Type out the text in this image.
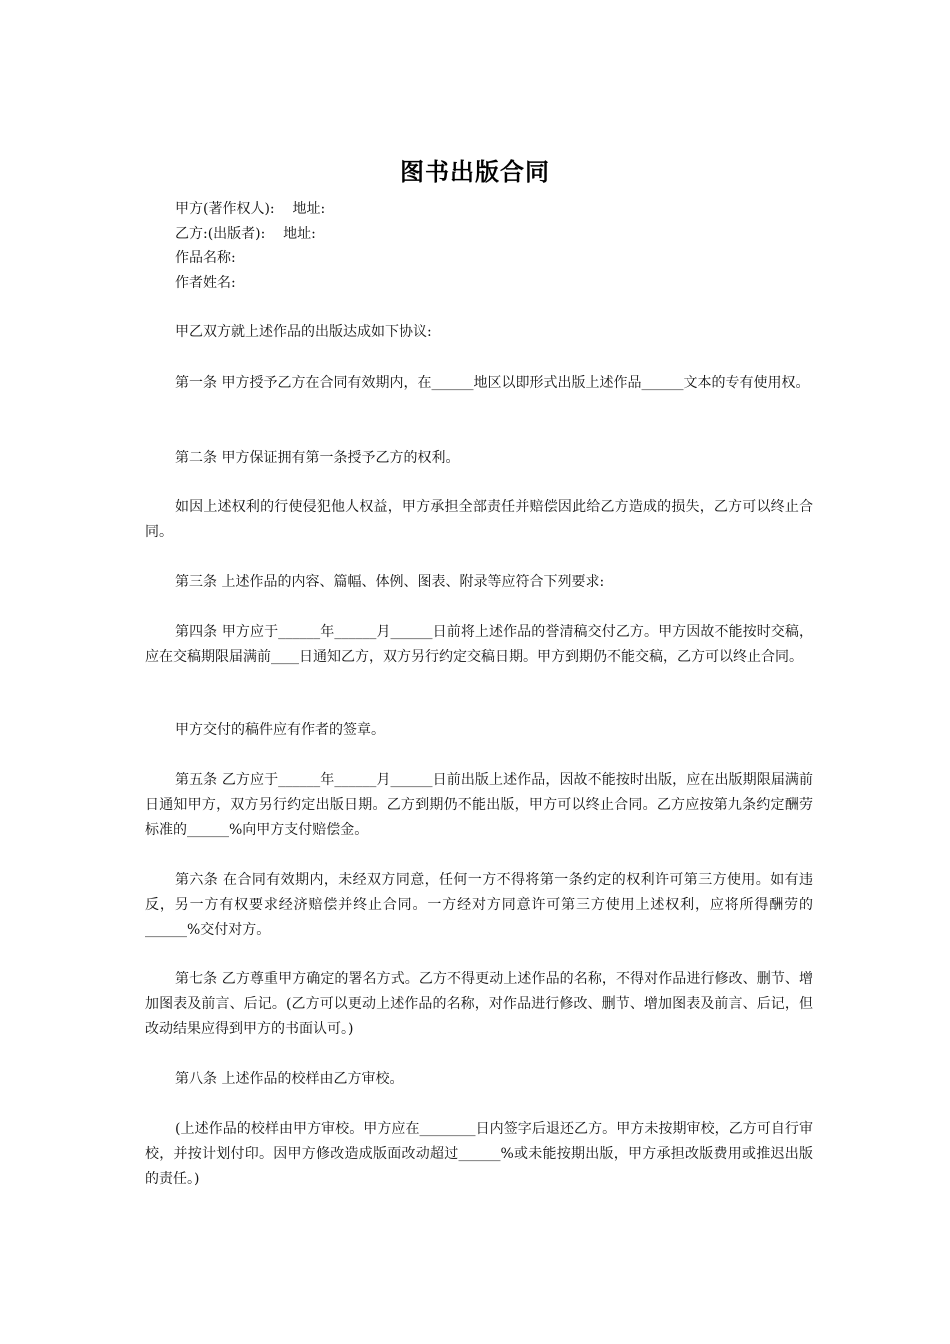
图书出版合同
甲方(著作权人):    地址:
乙方:(出版者):    地址:
作品名称:
作者姓名:
甲乙双方就上述作品的出版达成如下协议:
第一条 甲方授予乙方在合同有效期内，在______地区以即形式出版上述作品______文本的专有使用权。
第二条 甲方保证拥有第一条授予乙方的权利。
如因上述权利的行使侵犯他人权益，甲方承担全部责任并赔偿因此给乙方造成的损失，乙方可以终止合同。
第三条 上述作品的内容、篇幅、体例、图表、附录等应符合下列要求:
第四条 甲方应于______年______月______日前将上述作品的誉清稿交付乙方。甲方因故不能按时交稿，应在交稿期限届满前____日通知乙方，双方另行约定交稿日期。甲方到期仍不能交稿，乙方可以终止合同。
甲方交付的稿件应有作者的签章。
第五条 乙方应于______年______月______日前出版上述作品，因故不能按时出版，应在出版期限届满前日通知甲方，双方另行约定出版日期。乙方到期仍不能出版，甲方可以终止合同。乙方应按第九条约定酬劳标准的______%向甲方支付赔偿金。
第六条 在合同有效期内，未经双方同意，任何一方不得将第一条约定的权利许可第三方使用。如有违反，另一方有权要求经济赔偿并终止合同。一方经对方同意许可第三方使用上述权利，应将所得酬劳的______%交付对方。
第七条 乙方尊重甲方确定的署名方式。乙方不得更动上述作品的名称，不得对作品进行修改、删节、增加图表及前言、后记。(乙方可以更动上述作品的名称，对作品进行修改、删节、增加图表及前言、后记，但改动结果应得到甲方的书面认可。)
第八条 上述作品的校样由乙方审校。
(上述作品的校样由甲方审校。甲方应在________日内签字后退还乙方。甲方未按期审校，乙方可自行审校，并按计划付印。因甲方修改造成版面改动超过______%或未能按期出版，甲方承担改版费用或推迟出版的责任。)
